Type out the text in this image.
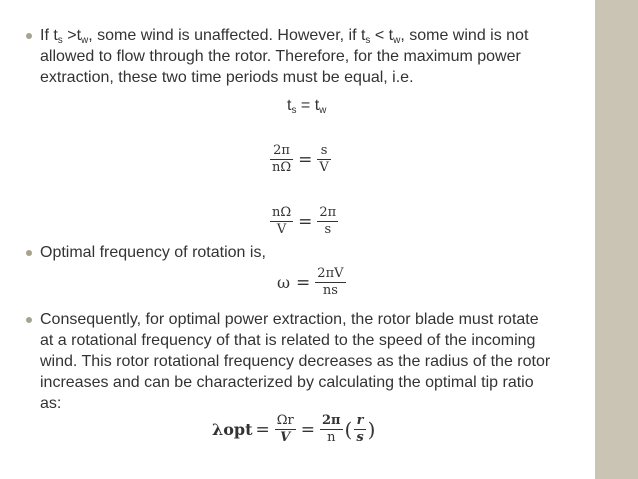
If $t_s >t_w$, some wind is unaffected. However, if $t_s < t_w$, some wind is not
allowed to flow through the rotor. Therefore, for the maximum power
extraction, these two time periods must be equal, i.e.
$t_s = t_w$
$\frac{2\pi}{n\Omega} = \frac{s}{V}$
$\frac{n\Omega}{V} = \frac{2\pi}{s}$
Optimal frequency of rotation is,
$\omega = \frac{2\pi V}{ns}$
Consequently, for optimal power extraction, the rotor blade must rotate
at a rotational frequency of that is related to the speed of the incoming
wind. This rotor rotational frequency decreases as the radius of the rotor
increases and can be characterized by calculating the optimal tip ratio
as:
$\lambda opt = \frac{\Omega r}{V} = \frac{2\pi}{n}$ ( $\frac{r}{s}$ )
